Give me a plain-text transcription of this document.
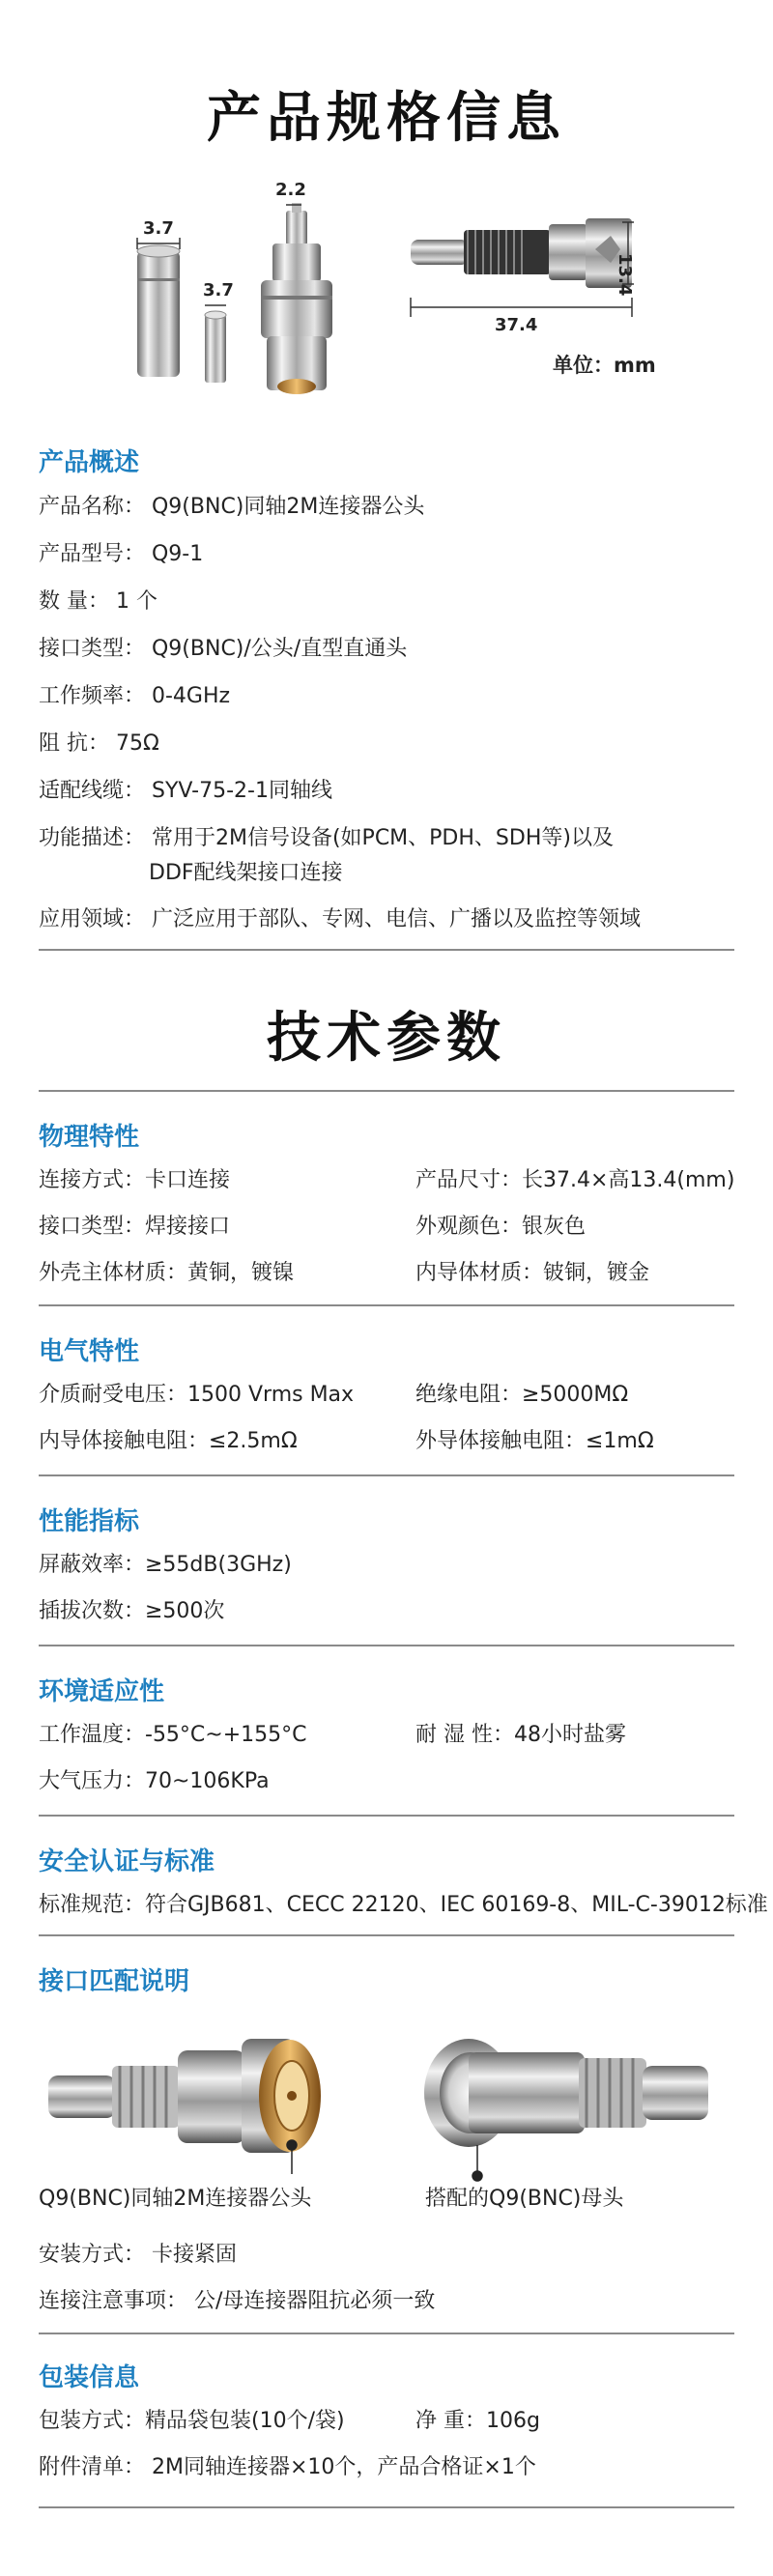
产品规格信息
3.7
3.7
2.2
13.4
37.4
单位：mm
产品概述
产品名称： Q9(BNC)同轴2M连接器公头
产品型号： Q9-1
数 量： 1 个
接口类型： Q9(BNC)/公头/直型直通头
工作频率： 0-4GHz
阻 抗： 75Ω
适配线缆： SYV-75-2-1同轴线
功能描述： 常用于2M信号设备(如PCM、PDH、SDH等)以及
DDF配线架接口连接
应用领域： 广泛应用于部队、专网、电信、广播以及监控等领域
技术参数
物理特性
连接方式：卡口连接	产品尺寸：长37.4×高13.4(mm)
接口类型：焊接接口	外观颜色：银灰色
外壳主体材质：黄铜，镀镍	内导体材质：铍铜，镀金
电气特性
介质耐受电压：1500 Vrms Max	绝缘电阻：≥5000MΩ
内导体接触电阻：≤2.5mΩ	外导体接触电阻：≤1mΩ
性能指标
屏蔽效率：≥55dB(3GHz)
插拔次数：≥500次
环境适应性
工作温度：-55°C~+155°C	耐 湿 性：48小时盐雾
大气压力：70~106KPa
安全认证与标准
标准规范：符合GJB681、CECC 22120、IEC 60169-8、MIL-C-39012标准
接口匹配说明
Q9(BNC)同轴2M连接器公头	搭配的Q9(BNC)母头
安装方式： 卡接紧固
连接注意事项： 公/母连接器阻抗必须一致
包装信息
包装方式：精品袋包装(10个/袋)	净 重：106g
附件清单： 2M同轴连接器×10个，产品合格证×1个
